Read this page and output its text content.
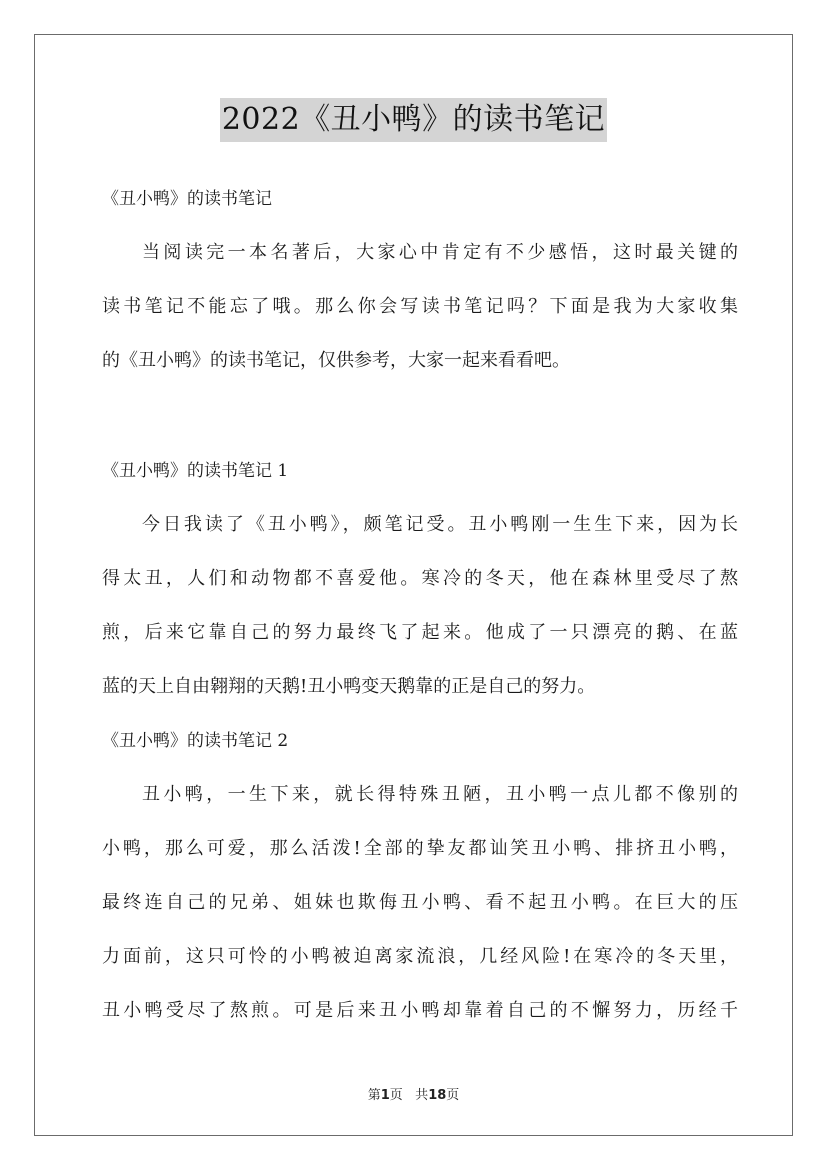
2022《丑小鸭》的读书笔记
《丑小鸭》的读书笔记
当阅读完一本名著后，大家心中肯定有不少感悟，这时最关键的
读书笔记不能忘了哦。那么你会写读书笔记吗？下面是我为大家收集
的《丑小鸭》的读书笔记，仅供参考，大家一起来看看吧。
《丑小鸭》的读书笔记 1
今日我读了《丑小鸭》，颇笔记受。丑小鸭刚一生生下来，因为长
得太丑，人们和动物都不喜爱他。寒冷的冬天，他在森林里受尽了熬
煎，后来它靠自己的努力最终飞了起来。他成了一只漂亮的鹅、在蓝
蓝的天上自由翱翔的天鹅!丑小鸭变天鹅靠的正是自己的努力。
《丑小鸭》的读书笔记 2
丑小鸭，一生下来，就长得特殊丑陋，丑小鸭一点儿都不像别的
小鸭，那么可爱，那么活泼!全部的挚友都讪笑丑小鸭、排挤丑小鸭，
最终连自己的兄弟、姐妹也欺侮丑小鸭、看不起丑小鸭。在巨大的压
力面前，这只可怜的小鸭被迫离家流浪，几经风险!在寒冷的冬天里，
丑小鸭受尽了熬煎。可是后来丑小鸭却靠着自己的不懈努力，历经千
第1页 共18页
